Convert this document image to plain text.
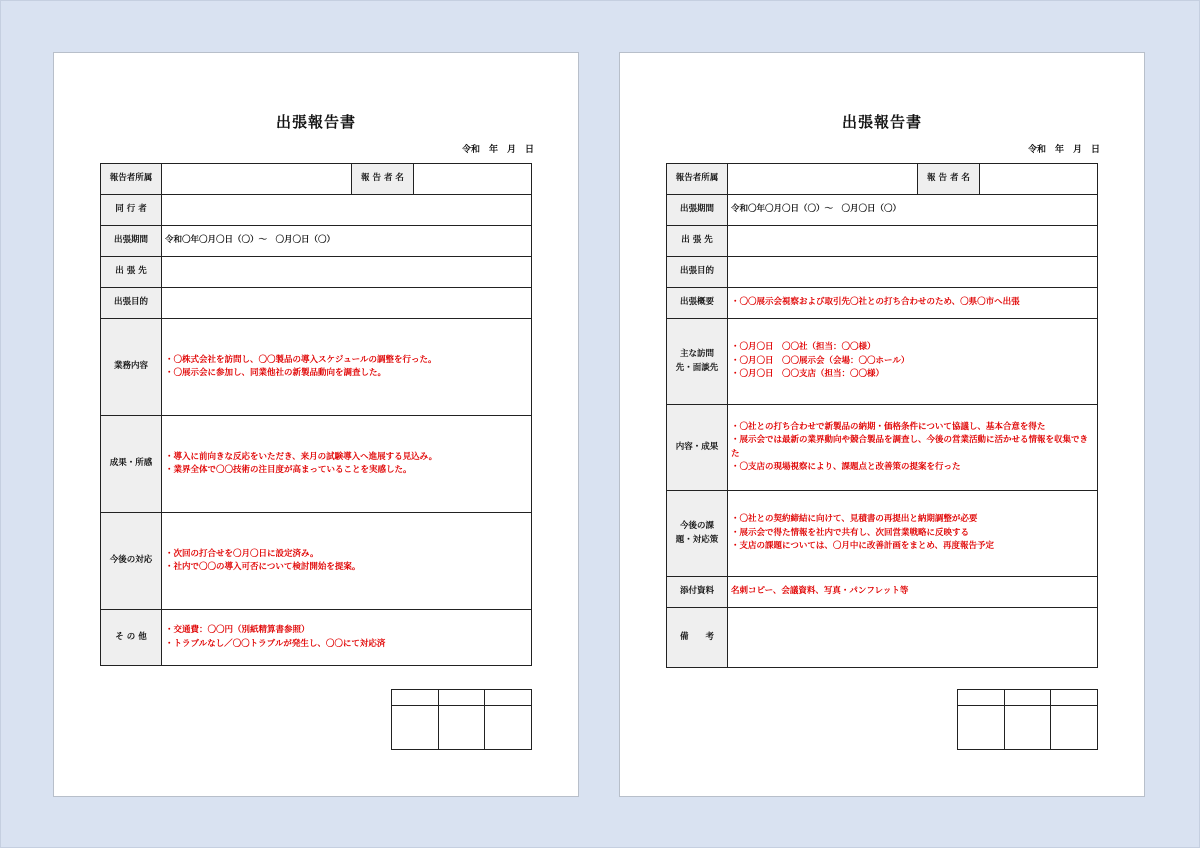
出張報告書
令和　年　月　日
報告者所属		報 告 者 名	
同 行 者			
出張期間	令和〇年〇月〇日（〇）～　〇月〇日（〇）		
出 張 先			
出張目的			
業務内容	・〇株式会社を訪問し、〇〇製品の導入スケジュールの調整を行った。
・〇展示会に参加し、同業他社の新製品動向を調査した。		

成果・所感	・導入に前向きな反応をいただき、来月の試験導入へ進展する見込み。
・業界全体で〇〇技術の注目度が高まっていることを実感した。		

今後の対応	・次回の打合せを〇月〇日に設定済み。
・社内で〇〇の導入可否について検討開始を提案。		

そ の 他	・交通費：〇〇円（別紙精算書参照）
・トラブルなし／〇〇トラブルが発生し、〇〇にて対応済		

出張報告書
令和　年　月　日
報告者所属		報 告 者 名	
出張期間	令和〇年〇月〇日（〇）～　〇月〇日（〇）		
出 張 先			
出張目的			
出張概要	・〇〇展示会視察および取引先〇社との打ち合わせのため、〇県〇市へ出張		

主な訪問
先・面談先	・〇月〇日　〇〇社（担当：〇〇様）
・〇月〇日　〇〇展示会（会場：〇〇ホール）
・〇月〇日　〇〇支店（担当：〇〇様）		

内容・成果	・〇社との打ち合わせで新製品の納期・価格条件について協議し、基本合意を得た
・展示会では最新の業界動向や競合製品を調査し、今後の営業活動に活かせる情報を収集できた
・〇支店の現場視察により、課題点と改善策の提案を行った		

今後の課
題・対応策	・〇社との契約締結に向けて、見積書の再提出と納期調整が必要
・展示会で得た情報を社内で共有し、次回営業戦略に反映する
・支店の課題については、〇月中に改善計画をまとめ、再度報告予定		

添付資料	名刺コピー、会議資料、写真・パンフレット等		
備　　考			
